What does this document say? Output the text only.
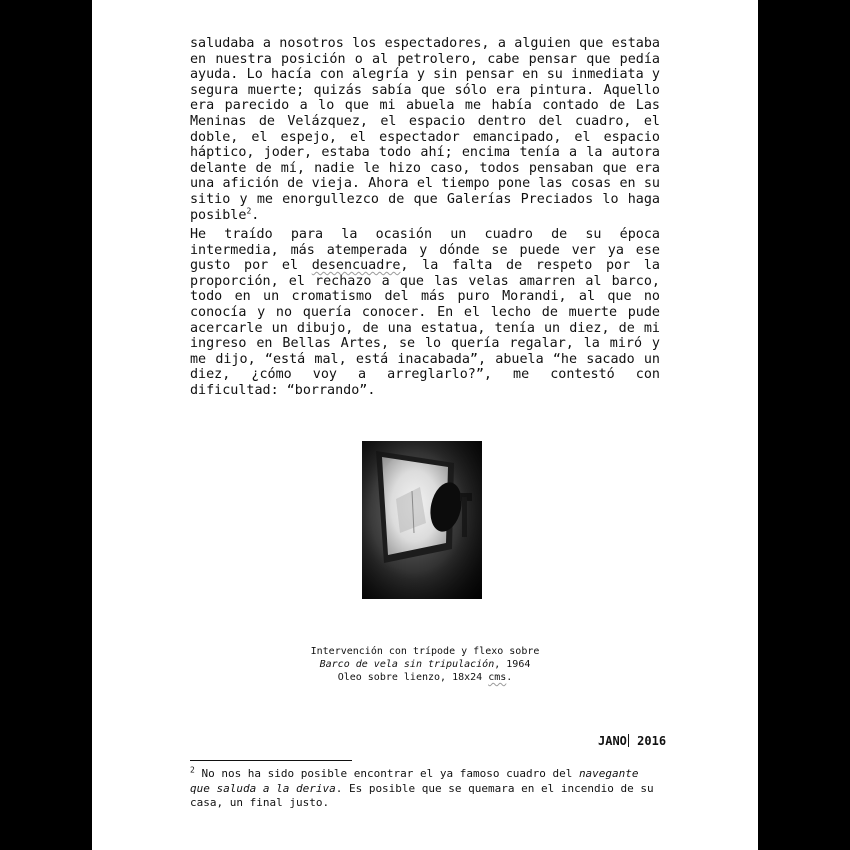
saludaba a nosotros los espectadores, a alguien que estaba en nuestra posición o al petrolero, cabe pensar que pedía ayuda. Lo hacía con alegría y sin pensar en su inmediata y segura muerte; quizás sabía que sólo era pintura. Aquello era parecido a lo que mi abuela me había contado de Las Meninas de Velázquez, el espacio dentro del cuadro, el doble, el espejo, el espectador emancipado, el espacio háptico, joder, estaba todo ahí; encima tenía a la autora delante de mí, nadie le hizo caso, todos pensaban que era una afición de vieja. Ahora el tiempo pone las cosas en su sitio y me enorgullezco de que Galerías Preciados lo haga posible$^2$.

He traído para la ocasión un cuadro de su época intermedia, más atemperada y dónde se puede ver ya ese gusto por el desencuadre, la falta de respeto por la proporción, el rechazo a que las velas amarren al barco, todo en un cromatismo del más puro Morandi, al que no conocía y no quería conocer. En el lecho de muerte pude acercarle un dibujo, de una estatua, tenía un diez, de mi ingreso en Bellas Artes, se lo quería regalar, la miró y me dijo, “está mal, está inacabada”, abuela “he sacado un diez, ¿cómo voy a arreglarlo?”, me contestó con dificultad: “borrando”.

Intervención con trípode y flexo sobre
Barco de vela sin tripulación, 1964
Oleo sobre lienzo, 18x24 cms.
JANO 2016

$^2$ No nos ha sido posible encontrar el ya famoso cuadro del navegante que saluda a la deriva. Es posible que se quemara en el incendio de su casa, un final justo.
